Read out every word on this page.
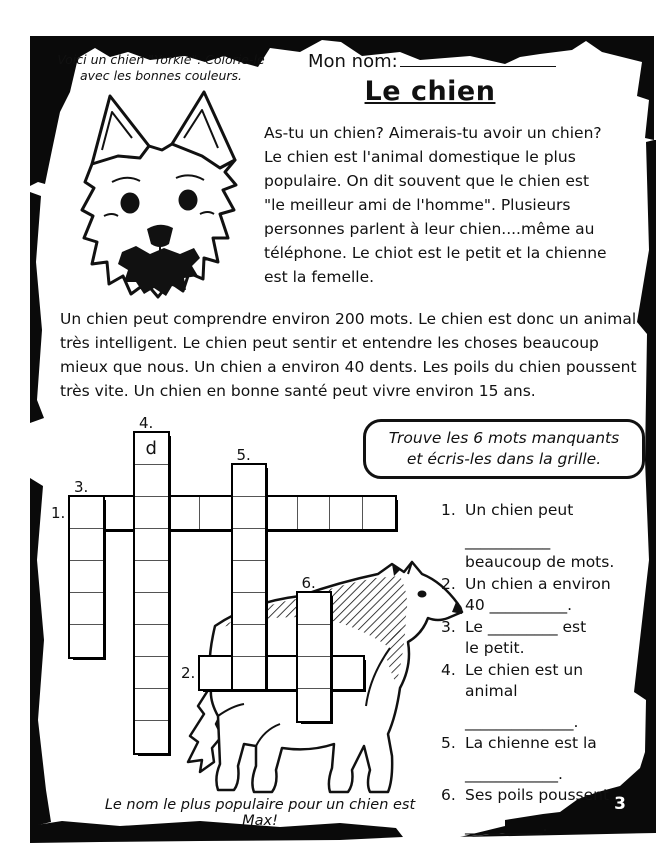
Voici un chien "Yorkie". Colorie-le
avec les bonnes couleurs.
Mon nom:
Le chien
As-tu un chien? Aimerais-tu avoir un chien?
Le chien est l'animal domestique le plus
populaire. On dit souvent que le chien est
"le meilleur ami de l'homme". Plusieurs
personnes parlent à leur chien....même au
téléphone. Le chiot est le petit et la chienne
est la femelle.
Un chien peut comprendre environ 200 mots. Le chien est donc un animal
très intelligent. Le chien peut sentir et entendre les choses beaucoup
mieux que nous. Un chien a environ 40 dents. Les poils du chien poussent
très vite. Un chien en bonne santé peut vivre environ 15 ans.
Trouve les 6 mots manquants
et écris-les dans la grille.
1.
2.
3.
d
4.
5.
6.
1. Un chien peut
___________
beaucoup de mots.
2. Un chien a environ
40 __________.
3. Le _________ est
le petit.
4. Le chien est un
animal
______________.
5. La chienne est la
____________.
6. Ses poils poussent
__________.
Le nom le plus populaire pour un chien est Max!
3
